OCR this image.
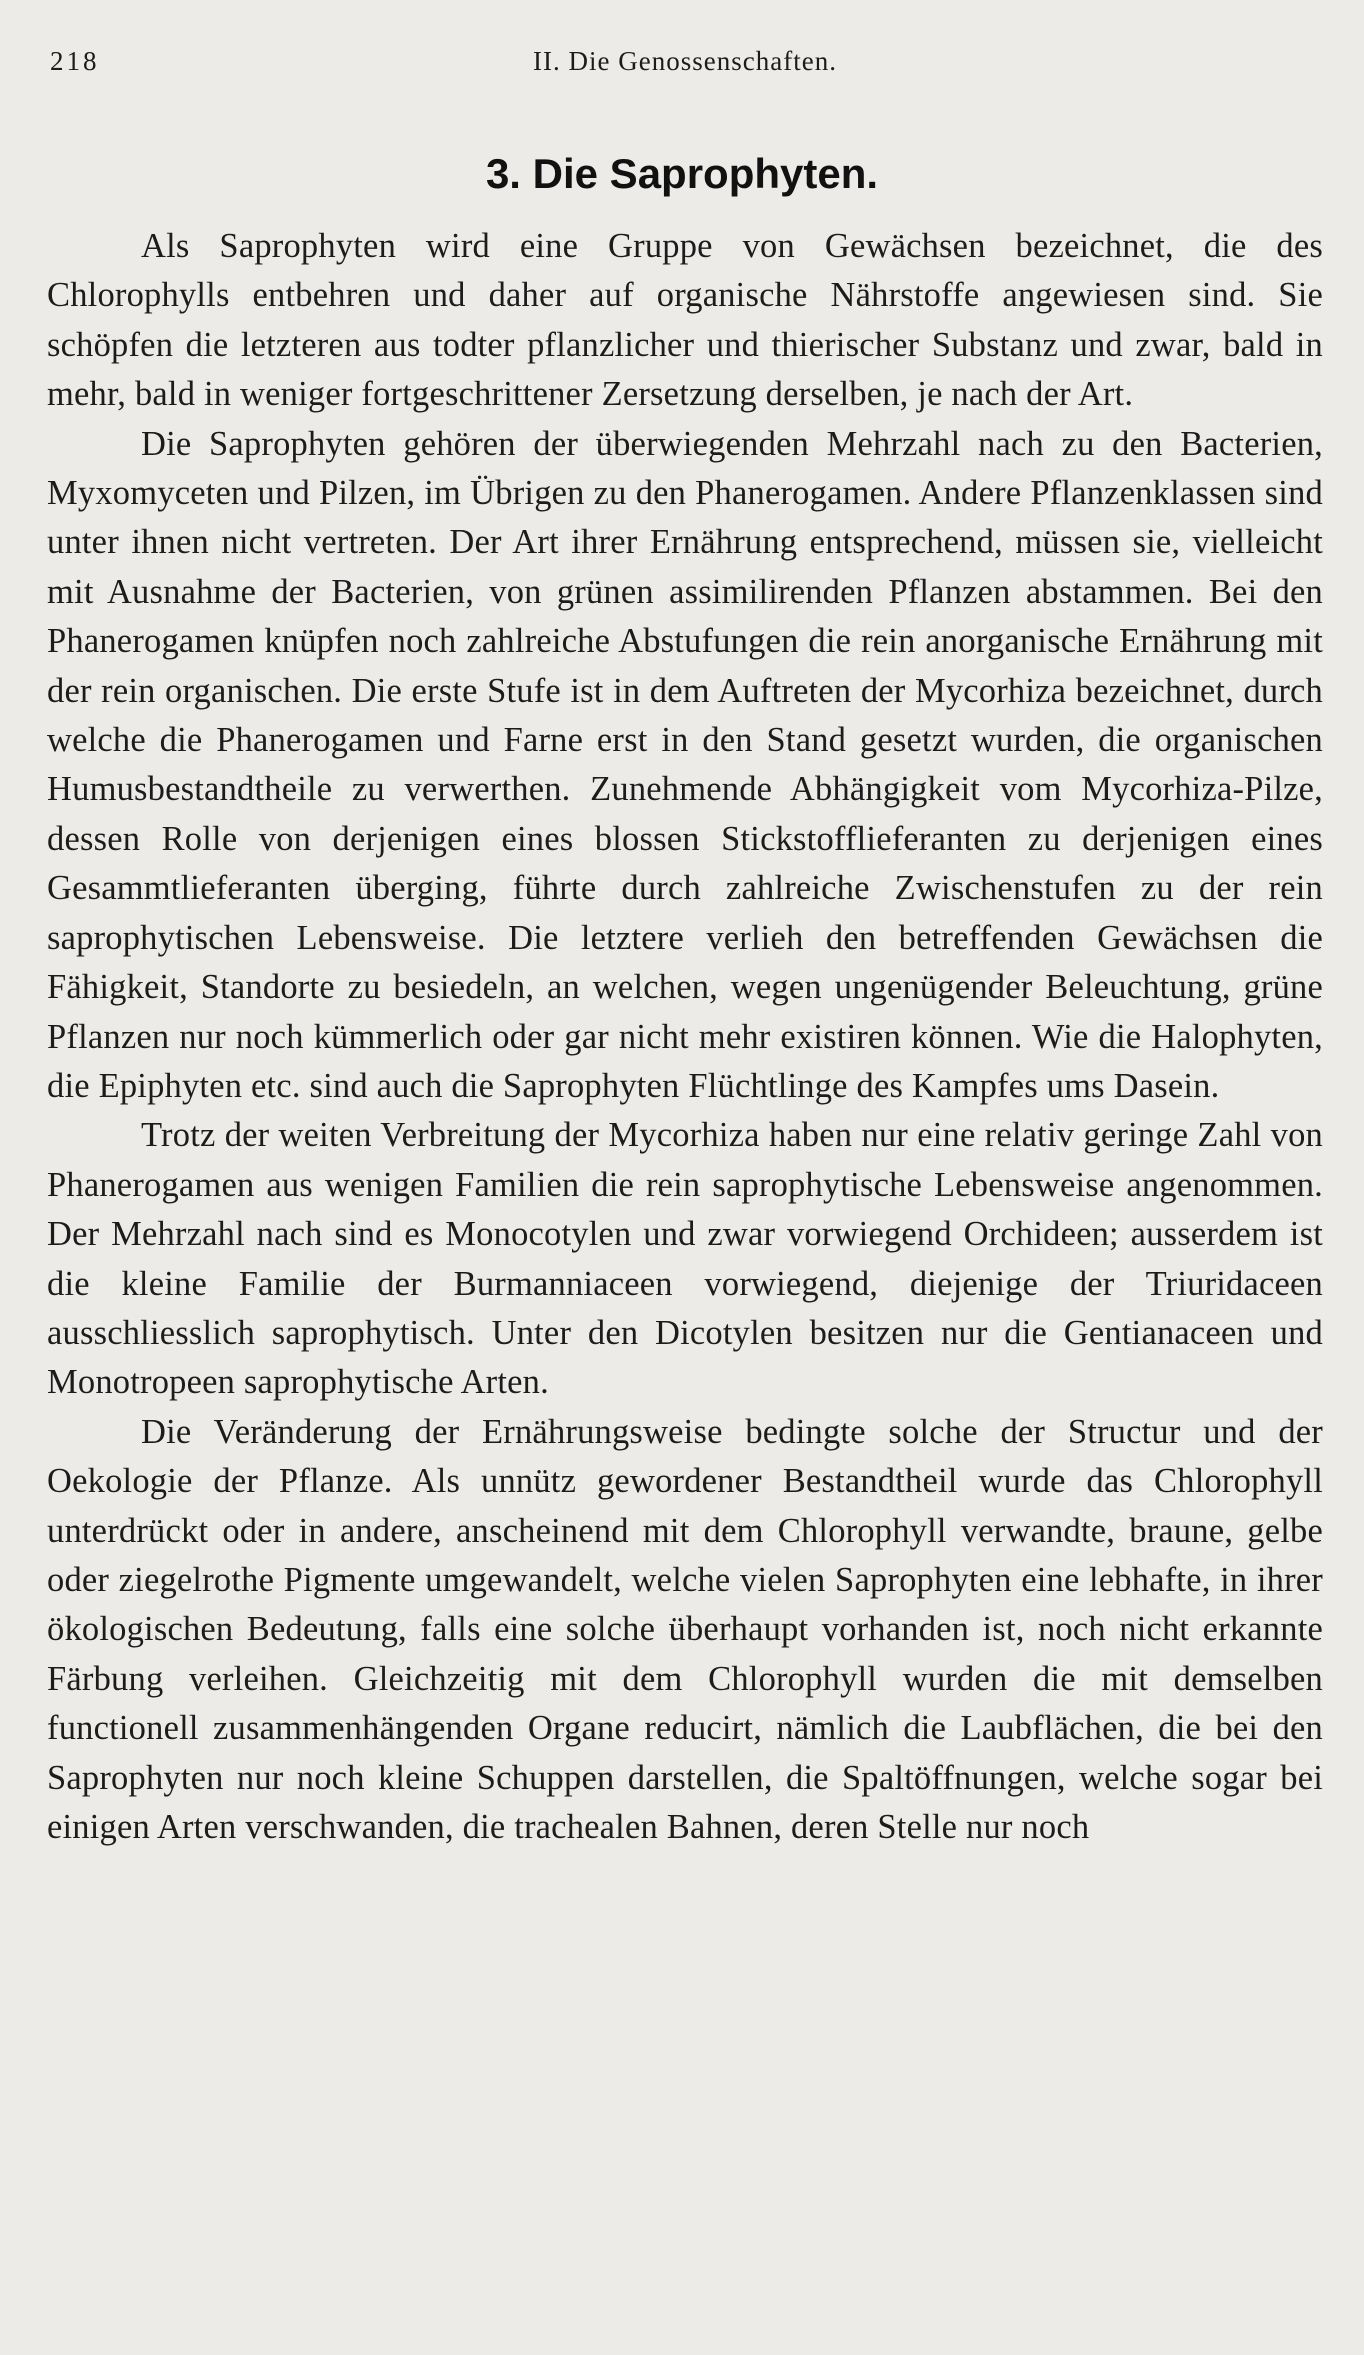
218	II. Die Genossenschaften.
3. Die Saprophyten.

Als Saprophyten wird eine Gruppe von Gewächsen bezeichnet, die des Chlorophylls entbehren und daher auf organische Nährstoffe angewiesen sind. Sie schöpfen die letzteren aus todter pflanzlicher und thierischer Substanz und zwar, bald in mehr, bald in weniger fortgeschrittener Zersetzung derselben, je nach der Art.

Die Saprophyten gehören der überwiegenden Mehrzahl nach zu den Bacterien, Myxomyceten und Pilzen, im Übrigen zu den Phanerogamen. Andere Pflanzenklassen sind unter ihnen nicht vertreten. Der Art ihrer Ernährung entsprechend, müssen sie, vielleicht mit Ausnahme der Bacterien, von grünen assimilirenden Pflanzen abstammen. Bei den Phanerogamen knüpfen noch zahlreiche Abstufungen die rein anorganische Ernährung mit der rein organischen. Die erste Stufe ist in dem Auftreten der Mycorhiza bezeichnet, durch welche die Phanerogamen und Farne erst in den Stand gesetzt wurden, die organischen Humusbestandtheile zu verwerthen. Zunehmende Abhängigkeit vom Mycorhiza-Pilze, dessen Rolle von derjenigen eines blossen Stickstofflieferanten zu derjenigen eines Gesammtlieferanten überging, führte durch zahlreiche Zwischenstufen zu der rein saprophytischen Lebensweise. Die letztere verlieh den betreffenden Gewächsen die Fähigkeit, Standorte zu besiedeln, an welchen, wegen ungenügender Beleuchtung, grüne Pflanzen nur noch kümmerlich oder gar nicht mehr existiren können. Wie die Halophyten, die Epiphyten etc. sind auch die Saprophyten Flüchtlinge des Kampfes ums Dasein.

Trotz der weiten Verbreitung der Mycorhiza haben nur eine relativ geringe Zahl von Phanerogamen aus wenigen Familien die rein saprophytische Lebensweise angenommen. Der Mehrzahl nach sind es Monocotylen und zwar vorwiegend Orchideen; ausserdem ist die kleine Familie der Burmanniaceen vorwiegend, diejenige der Triuridaceen ausschliesslich saprophytisch. Unter den Dicotylen besitzen nur die Gentianaceen und Monotropeen saprophytische Arten.

Die Veränderung der Ernährungsweise bedingte solche der Structur und der Oekologie der Pflanze. Als unnütz gewordener Bestandtheil wurde das Chlorophyll unterdrückt oder in andere, anscheinend mit dem Chlorophyll verwandte, braune, gelbe oder ziegelrothe Pigmente umgewandelt, welche vielen Saprophyten eine lebhafte, in ihrer ökologischen Bedeutung, falls eine solche überhaupt vorhanden ist, noch nicht erkannte Färbung verleihen. Gleichzeitig mit dem Chlorophyll wurden die mit demselben functionell zusammenhängenden Organe reducirt, nämlich die Laubflächen, die bei den Saprophyten nur noch kleine Schuppen darstellen, die Spaltöffnungen, welche sogar bei einigen Arten verschwanden, die trachealen Bahnen, deren Stelle nur noch
